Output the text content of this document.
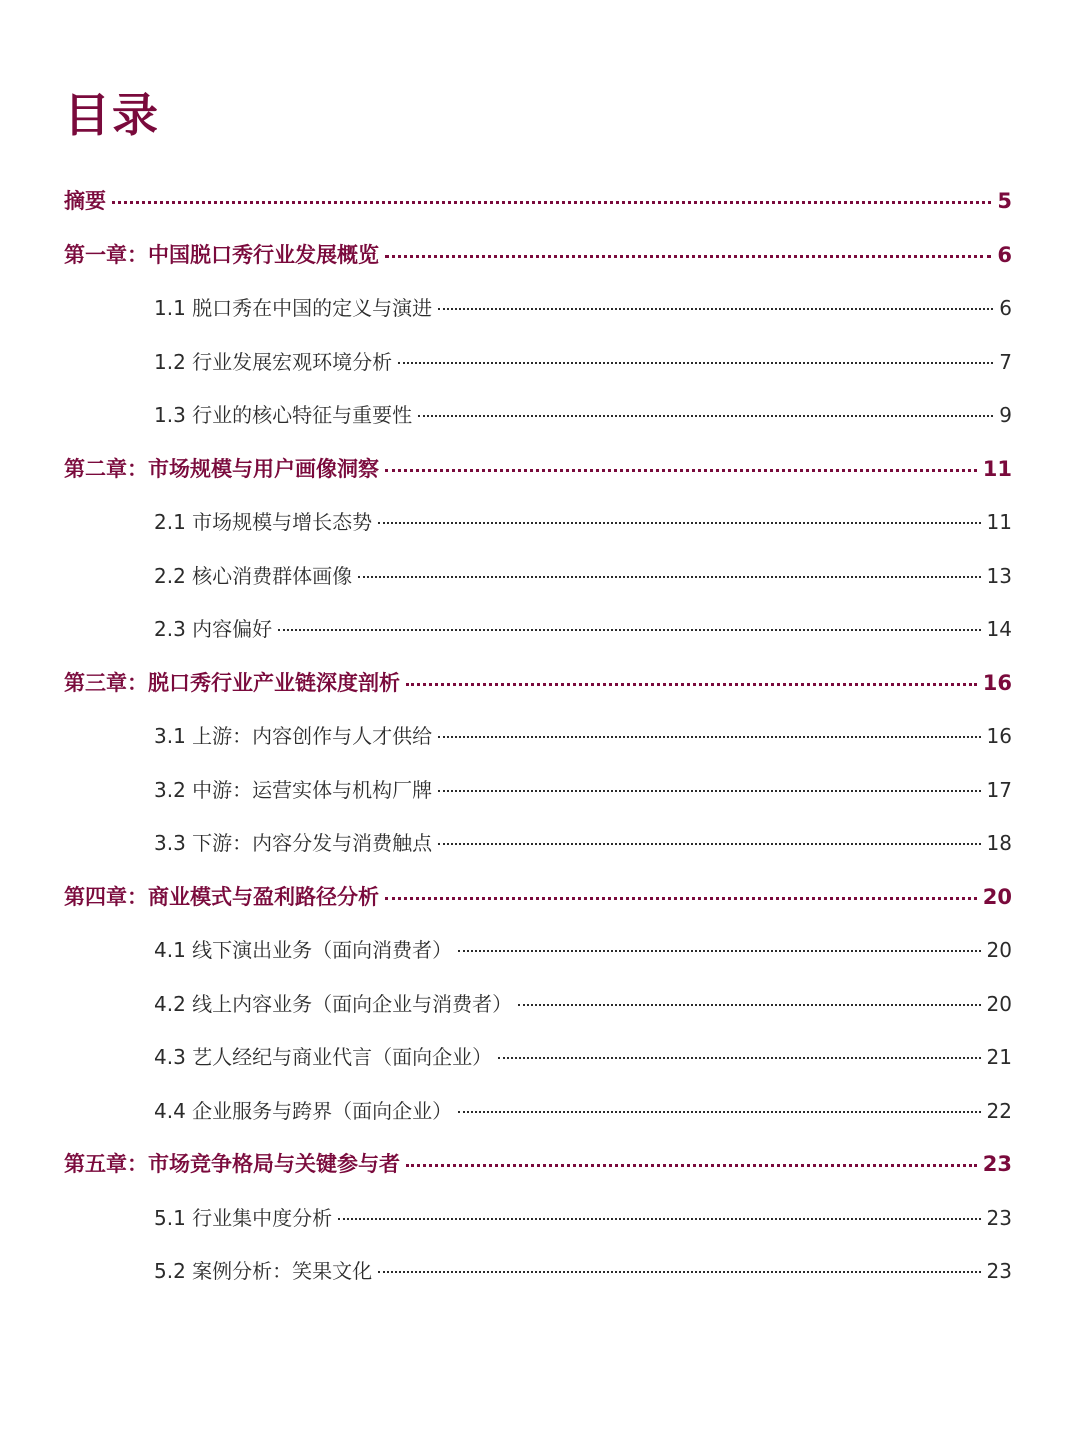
目录
摘要	5
第一章：中国脱口秀行业发展概览	6
1.1 脱口秀在中国的定义与演进	6
1.2 行业发展宏观环境分析	7
1.3 行业的核心特征与重要性	9
第二章：市场规模与用户画像洞察	11
2.1 市场规模与增长态势	11
2.2 核心消费群体画像	13
2.3 内容偏好	14
第三章：脱口秀行业产业链深度剖析	16
3.1 上游：内容创作与人才供给	16
3.2 中游：运营实体与机构厂牌	17
3.3 下游：内容分发与消费触点	18
第四章：商业模式与盈利路径分析	20
4.1 线下演出业务（面向消费者）	20
4.2 线上内容业务（面向企业与消费者）	20
4.3 艺人经纪与商业代言（面向企业）	21
4.4 企业服务与跨界（面向企业）	22
第五章：市场竞争格局与关键参与者	23
5.1 行业集中度分析	23
5.2 案例分析：笑果文化	23
